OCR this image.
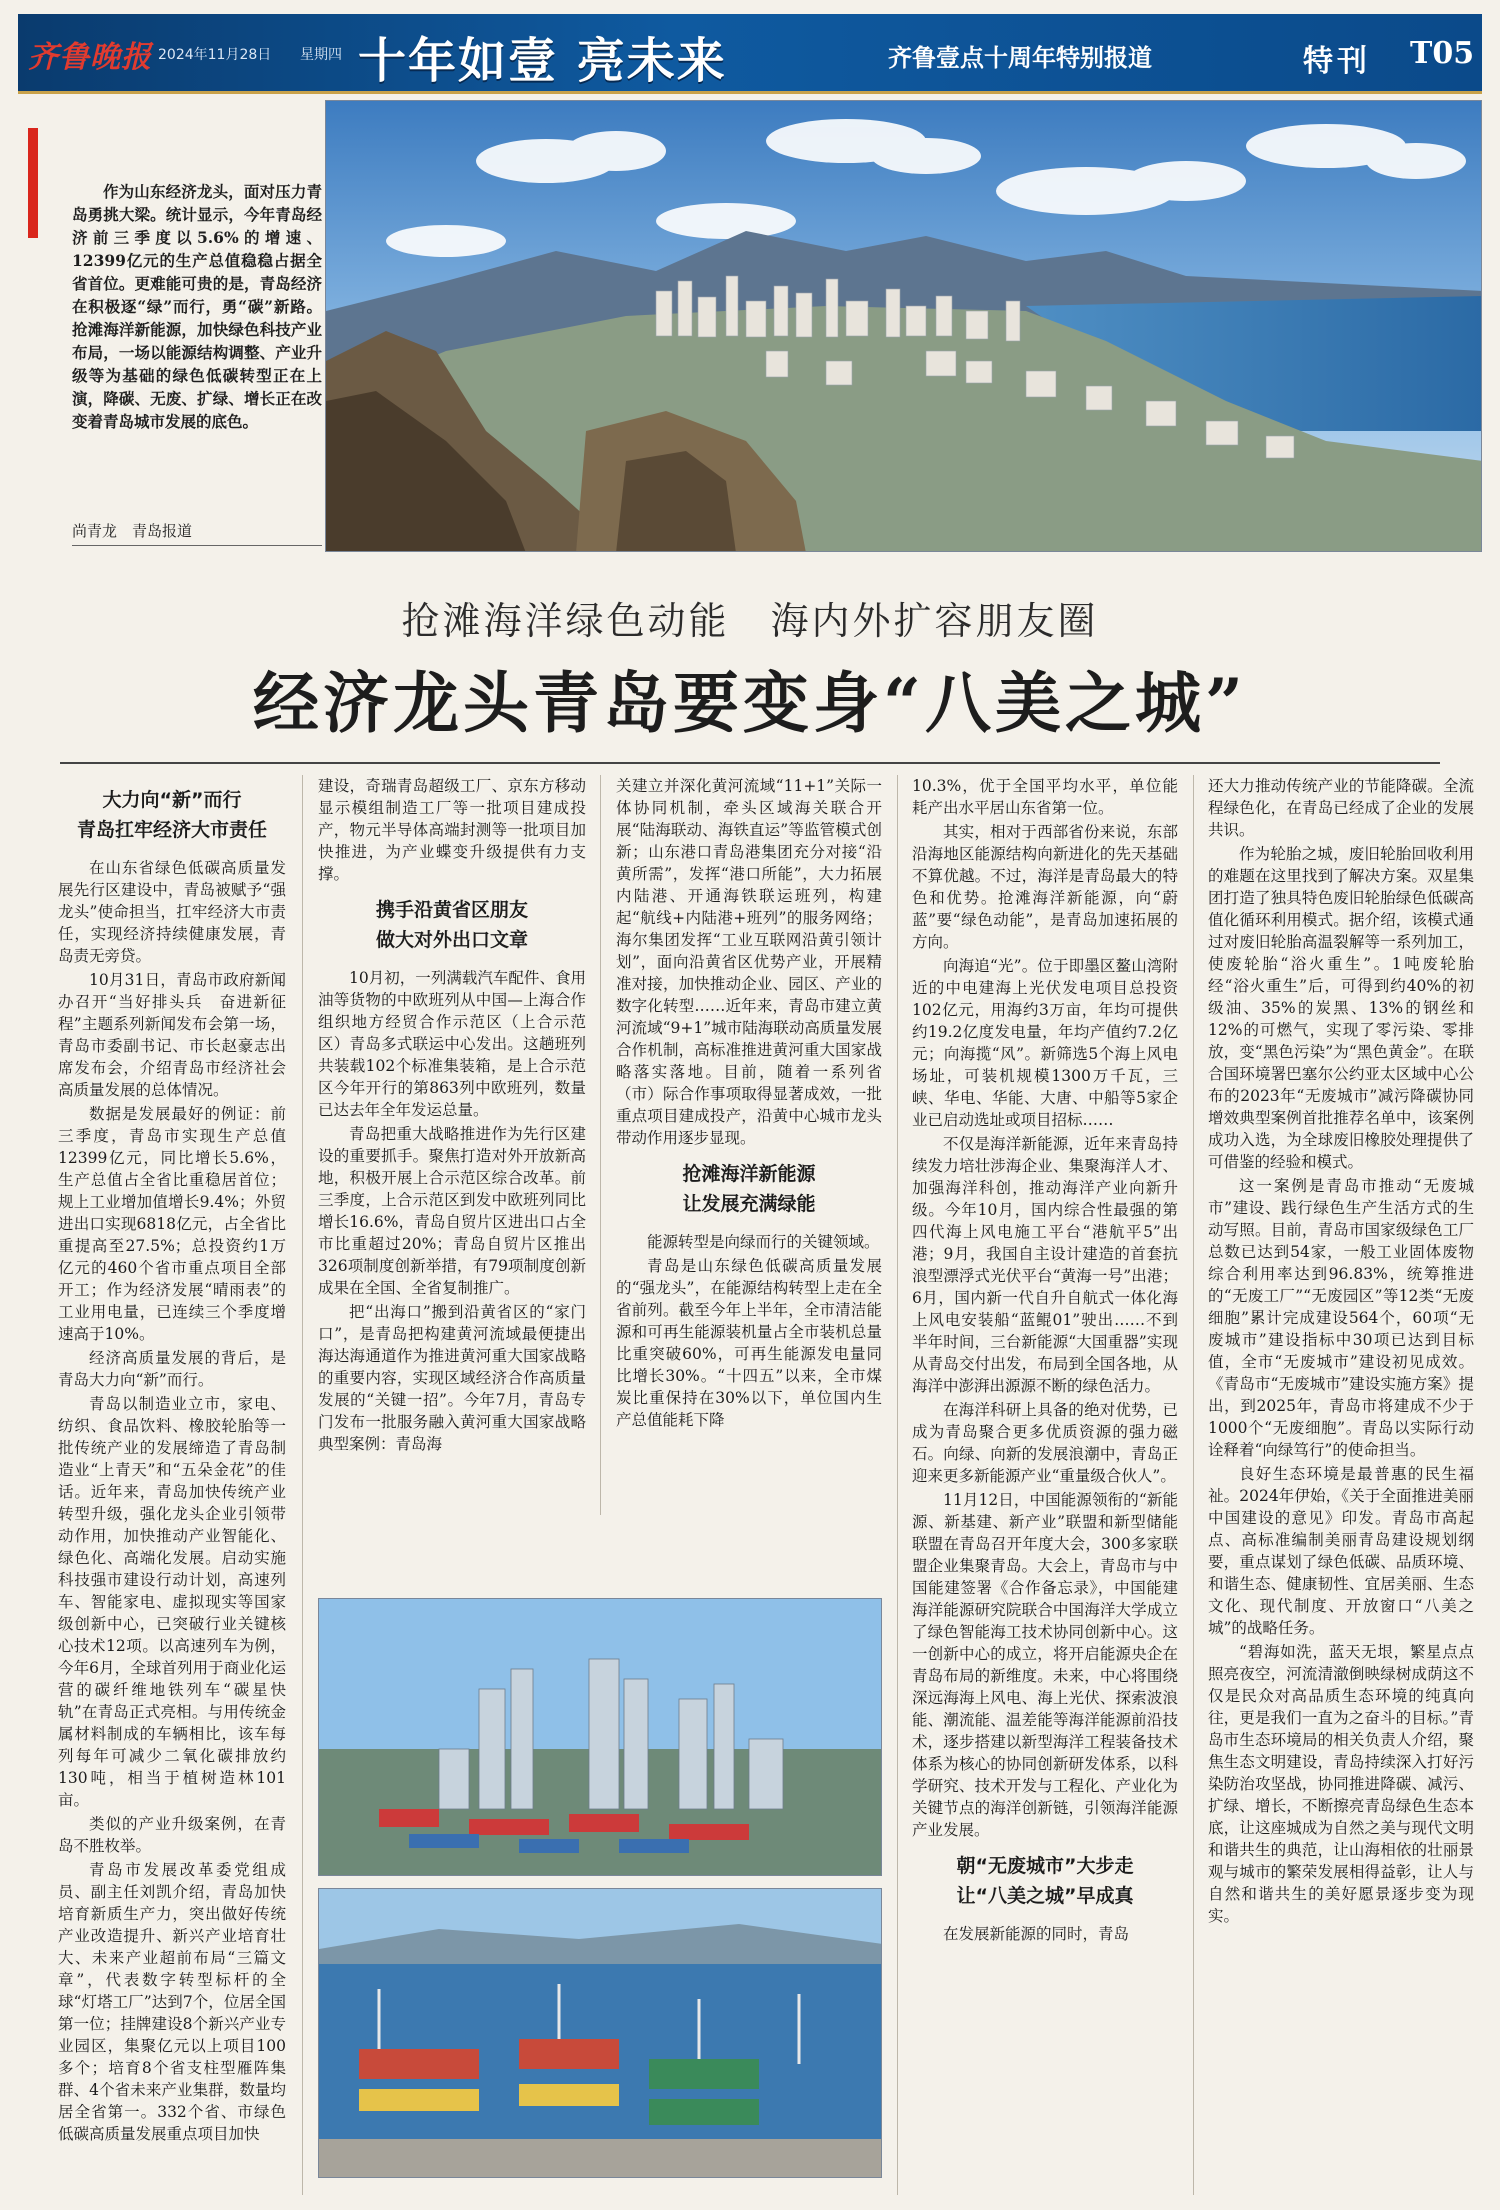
齐鲁晚报 2024年11月28日 星期四 十年如壹 亮未来	齐鲁壹点十周年特别报道	特刊 T05

作为山东经济龙头，面对压力青岛勇挑大梁。统计显示，今年青岛经济前三季度以5.6%的增速、12399亿元的生产总值稳稳占据全省首位。更难能可贵的是，青岛经济在积极逐“绿”而行，勇“碳”新路。抢滩海洋新能源，加快绿色科技产业布局，一场以能源结构调整、产业升级等为基础的绿色低碳转型正在上演，降碳、无废、扩绿、增长正在改变着青岛城市发展的底色。

尚青龙　青岛报道
抢滩海洋绿色动能　海内外扩容朋友圈
经济龙头青岛要变身“八美之城”
大力向“新”而行
青岛扛牢经济大市责任

在山东省绿色低碳高质量发展先行区建设中，青岛被赋予“强龙头”使命担当，扛牢经济大市责任，实现经济持续健康发展，青岛责无旁贷。

10月31日，青岛市政府新闻办召开“当好排头兵　奋进新征程”主题系列新闻发布会第一场，青岛市委副书记、市长赵豪志出席发布会，介绍青岛市经济社会高质量发展的总体情况。

数据是发展最好的例证：前三季度，青岛市实现生产总值12399亿元，同比增长5.6%，生产总值占全省比重稳居首位；规上工业增加值增长9.4%；外贸进出口实现6818亿元，占全省比重提高至27.5%；总投资约1万亿元的460个省市重点项目全部开工；作为经济发展“晴雨表”的工业用电量，已连续三个季度增速高于10%。

经济高质量发展的背后，是青岛大力向“新”而行。

青岛以制造业立市，家电、纺织、食品饮料、橡胶轮胎等一批传统产业的发展缔造了青岛制造业“上青天”和“五朵金花”的佳话。近年来，青岛加快传统产业转型升级，强化龙头企业引领带动作用，加快推动产业智能化、绿色化、高端化发展。启动实施科技强市建设行动计划，高速列车、智能家电、虚拟现实等国家级创新中心，已突破行业关键核心技术12项。以高速列车为例，今年6月，全球首列用于商业化运营的碳纤维地铁列车“碳星快轨”在青岛正式亮相。与用传统金属材料制成的车辆相比，该车每列每年可减少二氧化碳排放约130吨，相当于植树造林101亩。

类似的产业升级案例，在青岛不胜枚举。

青岛市发展改革委党组成员、副主任刘凯介绍，青岛加快培育新质生产力，突出做好传统产业改造提升、新兴产业培育壮大、未来产业超前布局“三篇文章”，代表数字转型标杆的全球“灯塔工厂”达到7个，位居全国第一位；挂牌建设8个新兴产业专业园区，集聚亿元以上项目100多个；培育8个省支柱型雁阵集群、4个省未来产业集群，数量均居全省第一。332个省、市绿色低碳高质量发展重点项目加快

建设，奇瑞青岛超级工厂、京东方移动显示模组制造工厂等一批项目建成投产，物元半导体高端封测等一批项目加快推进，为产业蝶变升级提供有力支撑。

携手沿黄省区朋友
做大对外出口文章

10月初，一列满载汽车配件、食用油等货物的中欧班列从中国—上海合作组织地方经贸合作示范区（上合示范区）青岛多式联运中心发出。这趟班列共装载102个标准集装箱，是上合示范区今年开行的第863列中欧班列，数量已达去年全年发运总量。

青岛把重大战略推进作为先行区建设的重要抓手。聚焦打造对外开放新高地，积极开展上合示范区综合改革。前三季度，上合示范区到发中欧班列同比增长16.6%，青岛自贸片区进出口占全市比重超过20%；青岛自贸片区推出326项制度创新举措，有79项制度创新成果在全国、全省复制推广。

把“出海口”搬到沿黄省区的“家门口”，是青岛把构建黄河流域最便捷出海达海通道作为推进黄河重大国家战略的重要内容，实现区域经济合作高质量发展的“关键一招”。今年7月，青岛专门发布一批服务融入黄河重大国家战略典型案例：青岛海

关建立并深化黄河流域“11+1”关际一体协同机制，牵头区域海关联合开展“陆海联动、海铁直运”等监管模式创新；山东港口青岛港集团充分对接“沿黄所需”，发挥“港口所能”，大力拓展内陆港、开通海铁联运班列，构建起“航线+内陆港+班列”的服务网络；海尔集团发挥“工业互联网沿黄引领计划”，面向沿黄省区优势产业，开展精准对接，加快推动企业、园区、产业的数字化转型……近年来，青岛市建立黄河流域“9+1”城市陆海联动高质量发展合作机制，高标准推进黄河重大国家战略落实落地。目前，随着一系列省（市）际合作事项取得显著成效，一批重点项目建成投产，沿黄中心城市龙头带动作用逐步显现。

抢滩海洋新能源
让发展充满绿能

能源转型是向绿而行的关键领域。

青岛是山东绿色低碳高质量发展的“强龙头”，在能源结构转型上走在全省前列。截至今年上半年，全市清洁能源和可再生能源装机量占全市装机总量比重突破60%，可再生能源发电量同比增长30%。“十四五”以来，全市煤炭比重保持在30%以下，单位国内生产总值能耗下降

10.3%，优于全国平均水平，单位能耗产出水平居山东省第一位。

其实，相对于西部省份来说，东部沿海地区能源结构向新进化的先天基础不算优越。不过，海洋是青岛最大的特色和优势。抢滩海洋新能源，向“蔚蓝”要“绿色动能”，是青岛加速拓展的方向。

向海追“光”。位于即墨区鳌山湾附近的中电建海上光伏发电项目总投资102亿元，用海约3万亩，年均可提供约19.2亿度发电量，年均产值约7.2亿元；向海揽“风”。新筛选5个海上风电场址，可装机规模1300万千瓦，三峡、华电、华能、大唐、中船等5家企业已启动选址或项目招标……

不仅是海洋新能源，近年来青岛持续发力培壮涉海企业、集聚海洋人才、加强海洋科创，推动海洋产业向新升级。今年10月，国内综合性最强的第四代海上风电施工平台“港航平5”出港；9月，我国自主设计建造的首套抗浪型漂浮式光伏平台“黄海一号”出港；6月，国内新一代自升自航式一体化海上风电安装船“蓝鲲01”驶出……不到半年时间，三台新能源“大国重器”实现从青岛交付出发，布局到全国各地，从海洋中澎湃出源源不断的绿色活力。

在海洋科研上具备的绝对优势，已成为青岛聚合更多优质资源的强力磁石。向绿、向新的发展浪潮中，青岛正迎来更多新能源产业“重量级合伙人”。

11月12日，中国能源领衔的“新能源、新基建、新产业”联盟和新型储能联盟在青岛召开年度大会，300多家联盟企业集聚青岛。大会上，青岛市与中国能建签署《合作备忘录》，中国能建海洋能源研究院联合中国海洋大学成立了绿色智能海工技术协同创新中心。这一创新中心的成立，将开启能源央企在青岛布局的新维度。未来，中心将围绕深远海海上风电、海上光伏、探索波浪能、潮流能、温差能等海洋能源前沿技术，逐步搭建以新型海洋工程装备技术体系为核心的协同创新研发体系，以科学研究、技术开发与工程化、产业化为关键节点的海洋创新链，引领海洋能源产业发展。

朝“无废城市”大步走
让“八美之城”早成真

在发展新能源的同时，青岛

还大力推动传统产业的节能降碳。全流程绿色化，在青岛已经成了企业的发展共识。

作为轮胎之城，废旧轮胎回收利用的难题在这里找到了解决方案。双星集团打造了独具特色废旧轮胎绿色低碳高值化循环利用模式。据介绍，该模式通过对废旧轮胎高温裂解等一系列加工，使废轮胎“浴火重生”。1吨废轮胎经“浴火重生”后，可得到约40%的初级油、35%的炭黑、13%的钢丝和12%的可燃气，实现了零污染、零排放，变“黑色污染”为“黑色黄金”。在联合国环境署巴塞尔公约亚太区域中心公布的2023年“无废城市”减污降碳协同增效典型案例首批推荐名单中，该案例成功入选，为全球废旧橡胶处理提供了可借鉴的经验和模式。

这一案例是青岛市推动“无废城市”建设、践行绿色生产生活方式的生动写照。目前，青岛市国家级绿色工厂总数已达到54家，一般工业固体废物综合利用率达到96.83%，统筹推进的“无废工厂”“无废园区”等12类“无废细胞”累计完成建设564个，60项“无废城市”建设指标中30项已达到目标值，全市“无废城市”建设初见成效。《青岛市“无废城市”建设实施方案》提出，到2025年，青岛市将建成不少于1000个“无废细胞”。青岛以实际行动诠释着“向绿笃行”的使命担当。

良好生态环境是最普惠的民生福祉。2024年伊始，《关于全面推进美丽中国建设的意见》印发。青岛市高起点、高标准编制美丽青岛建设规划纲要，重点谋划了绿色低碳、品质环境、和谐生态、健康韧性、宜居美丽、生态文化、现代制度、开放窗口“八美之城”的战略任务。

“碧海如洗，蓝天无垠，繁星点点照亮夜空，河流清澈倒映绿树成荫这不仅是民众对高品质生态环境的纯真向往，更是我们一直为之奋斗的目标。”青岛市生态环境局的相关负责人介绍，聚焦生态文明建设，青岛持续深入打好污染防治攻坚战，协同推进降碳、减污、扩绿、增长，不断擦亮青岛绿色生态本底，让这座城成为自然之美与现代文明和谐共生的典范，让山海相依的壮丽景观与城市的繁荣发展相得益彰，让人与自然和谐共生的美好愿景逐步变为现实。
